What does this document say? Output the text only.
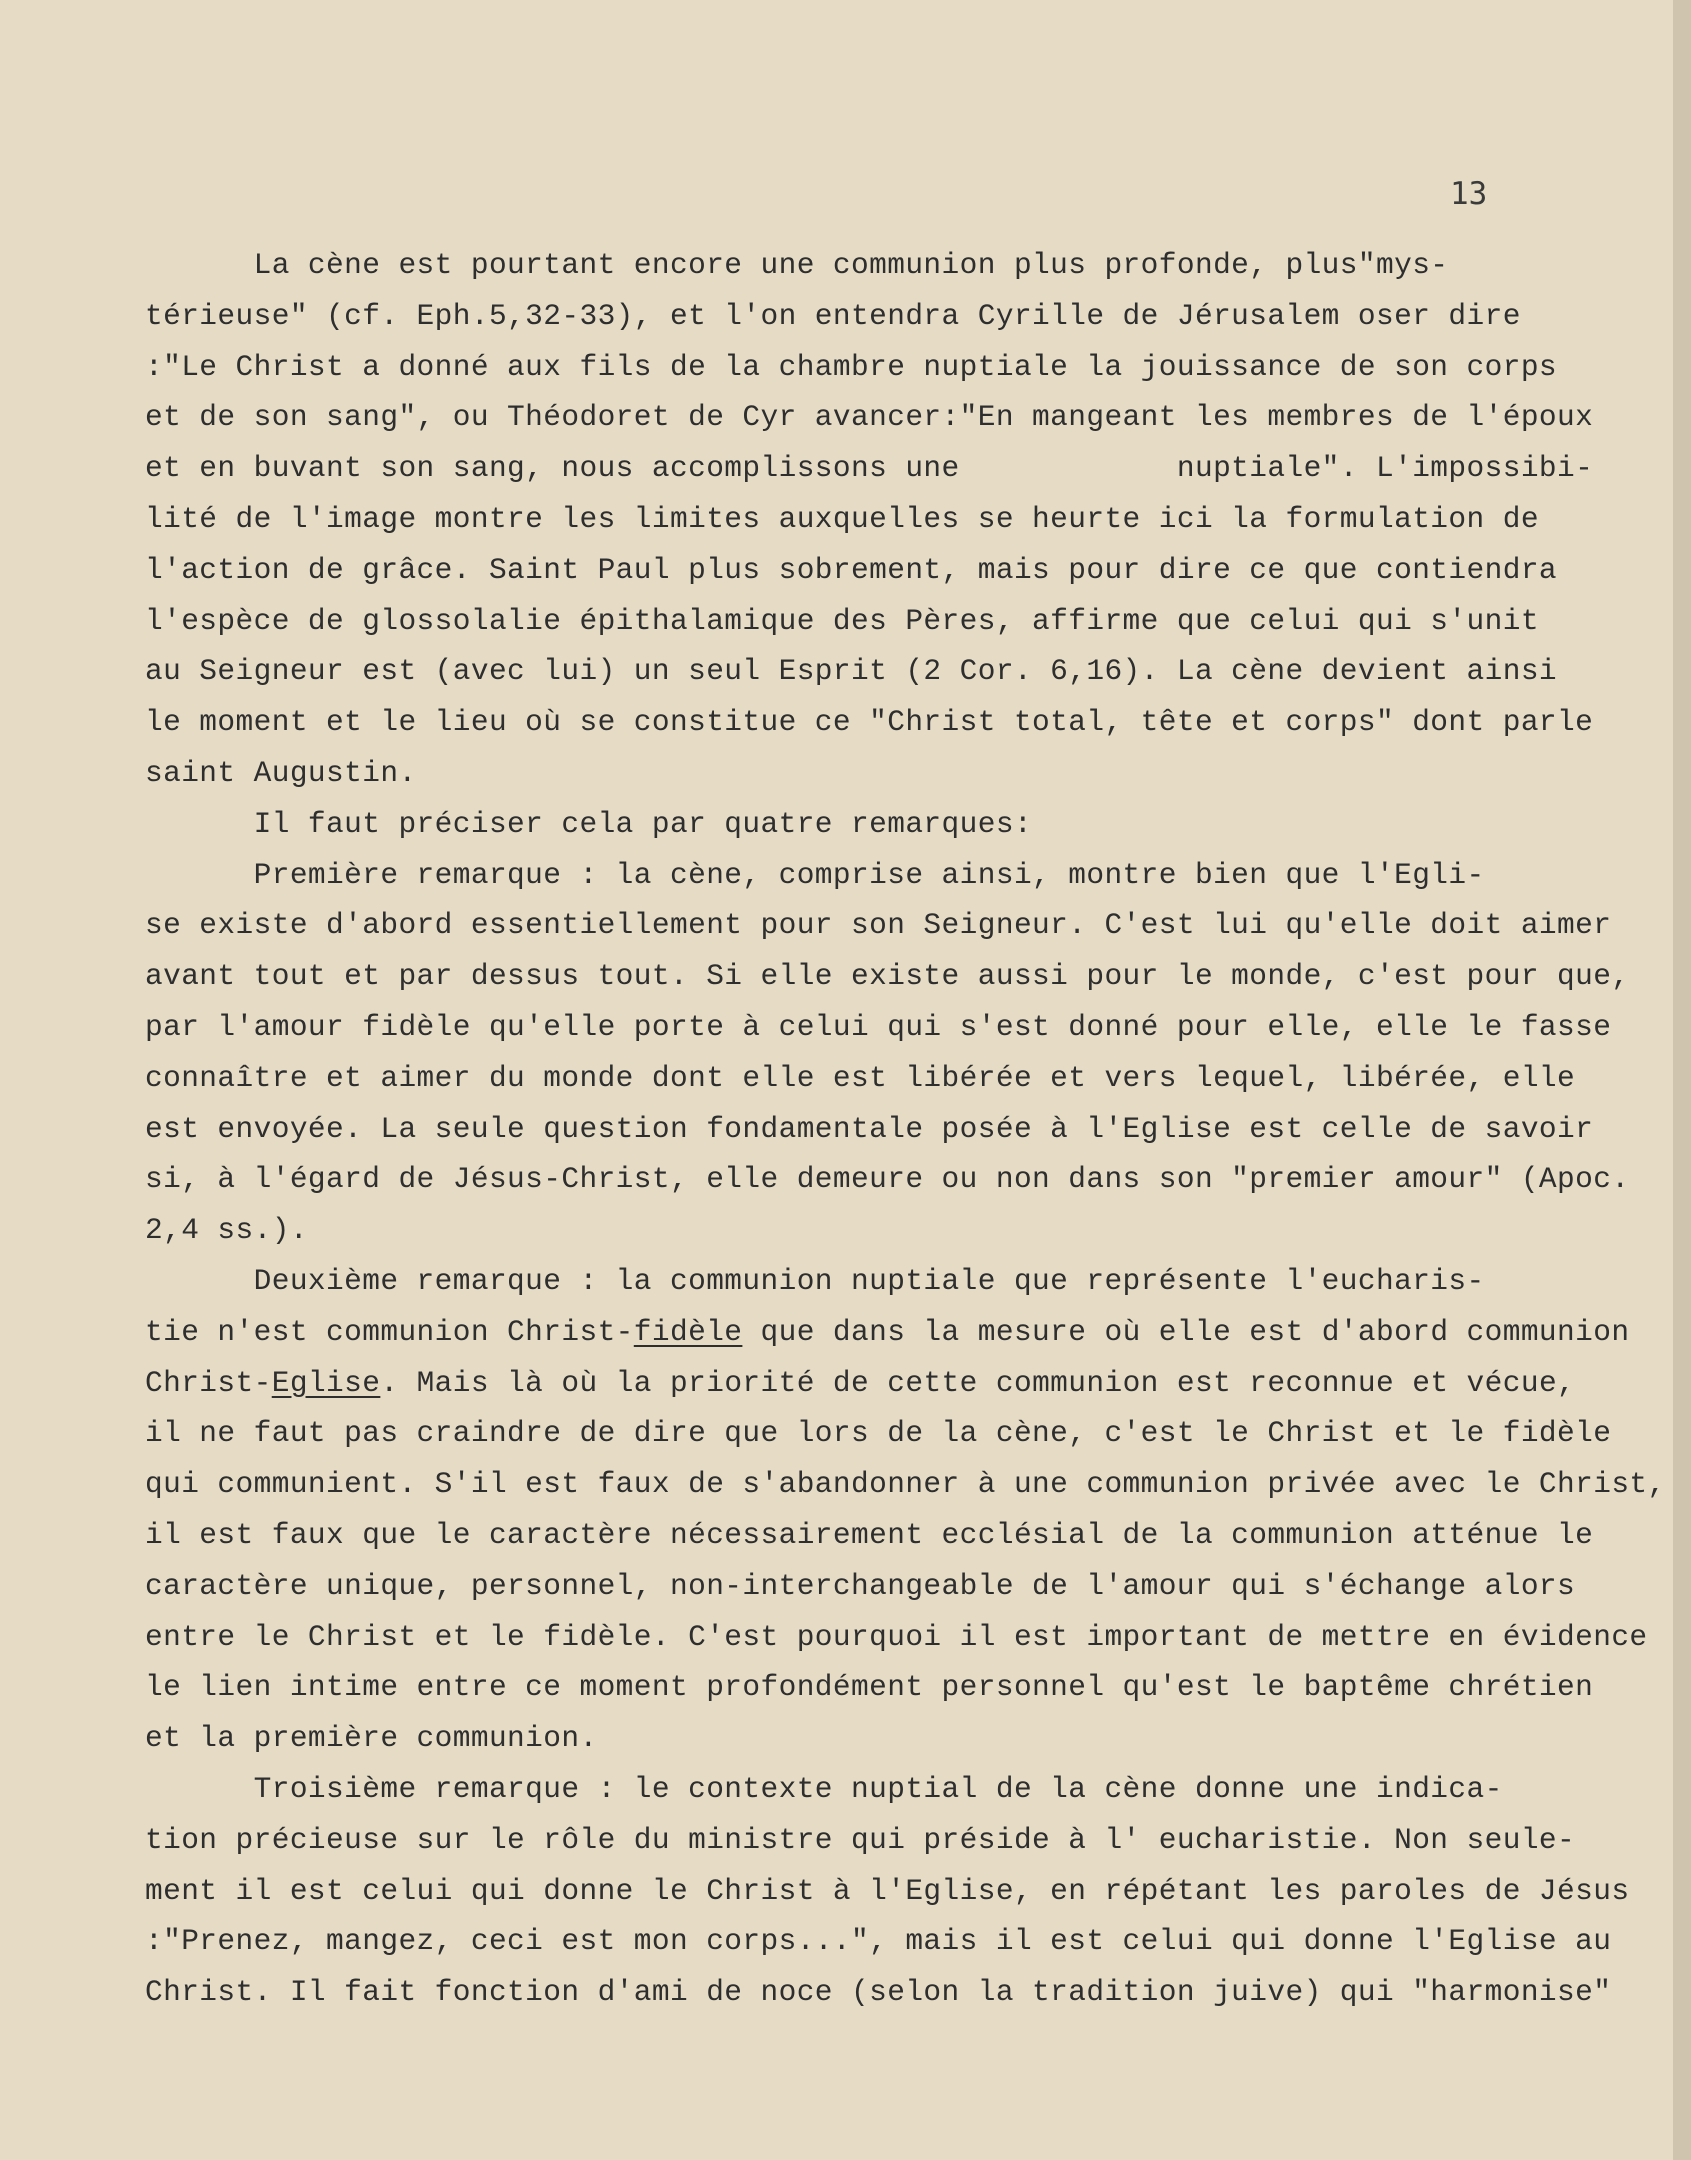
13
La cène est pourtant encore une communion plus profonde, plus"mys-
térieuse" (cf. Eph.5,32-33), et l'on entendra Cyrille de Jérusalem oser dire
:"Le Christ a donné aux fils de la chambre nuptiale la jouissance de son corps
et de son sang", ou Théodoret de Cyr avancer:"En mangeant les membres de l'époux
et en buvant son sang, nous accomplissons une            nuptiale". L'impossibi-
lité de l'image montre les limites auxquelles se heurte ici la formulation de
l'action de grâce. Saint Paul plus sobrement, mais pour dire ce que contiendra
l'espèce de glossolalie épithalamique des Pères, affirme que celui qui s'unit
au Seigneur est (avec lui) un seul Esprit (2 Cor. 6,16). La cène devient ainsi
le moment et le lieu où se constitue ce "Christ total, tête et corps" dont parle
saint Augustin.
Il faut préciser cela par quatre remarques:
Première remarque : la cène, comprise ainsi, montre bien que l'Egli-
se existe d'abord essentiellement pour son Seigneur. C'est lui qu'elle doit aimer
avant tout et par dessus tout. Si elle existe aussi pour le monde, c'est pour que,
par l'amour fidèle qu'elle porte à celui qui s'est donné pour elle, elle le fasse
connaître et aimer du monde dont elle est libérée et vers lequel, libérée, elle
est envoyée. La seule question fondamentale posée à l'Eglise est celle de savoir
si, à l'égard de Jésus-Christ, elle demeure ou non dans son "premier amour" (Apoc.
2,4 ss.).
Deuxième remarque : la communion nuptiale que représente l'eucharis-
tie n'est communion Christ-fidèle que dans la mesure où elle est d'abord communion
Christ-Eglise. Mais là où la priorité de cette communion est reconnue et vécue,
il ne faut pas craindre de dire que lors de la cène, c'est le Christ et le fidèle
qui communient. S'il est faux de s'abandonner à une communion privée avec le Christ,
il est faux que le caractère nécessairement ecclésial de la communion atténue le
caractère unique, personnel, non-interchangeable de l'amour qui s'échange alors
entre le Christ et le fidèle. C'est pourquoi il est important de mettre en évidence
le lien intime entre ce moment profondément personnel qu'est le baptême chrétien
et la première communion.
Troisième remarque : le contexte nuptial de la cène donne une indica-
tion précieuse sur le rôle du ministre qui préside à l' eucharistie. Non seule-
ment il est celui qui donne le Christ à l'Eglise, en répétant les paroles de Jésus
:"Prenez, mangez, ceci est mon corps...", mais il est celui qui donne l'Eglise au
Christ. Il fait fonction d'ami de noce (selon la tradition juive) qui "harmonise"
